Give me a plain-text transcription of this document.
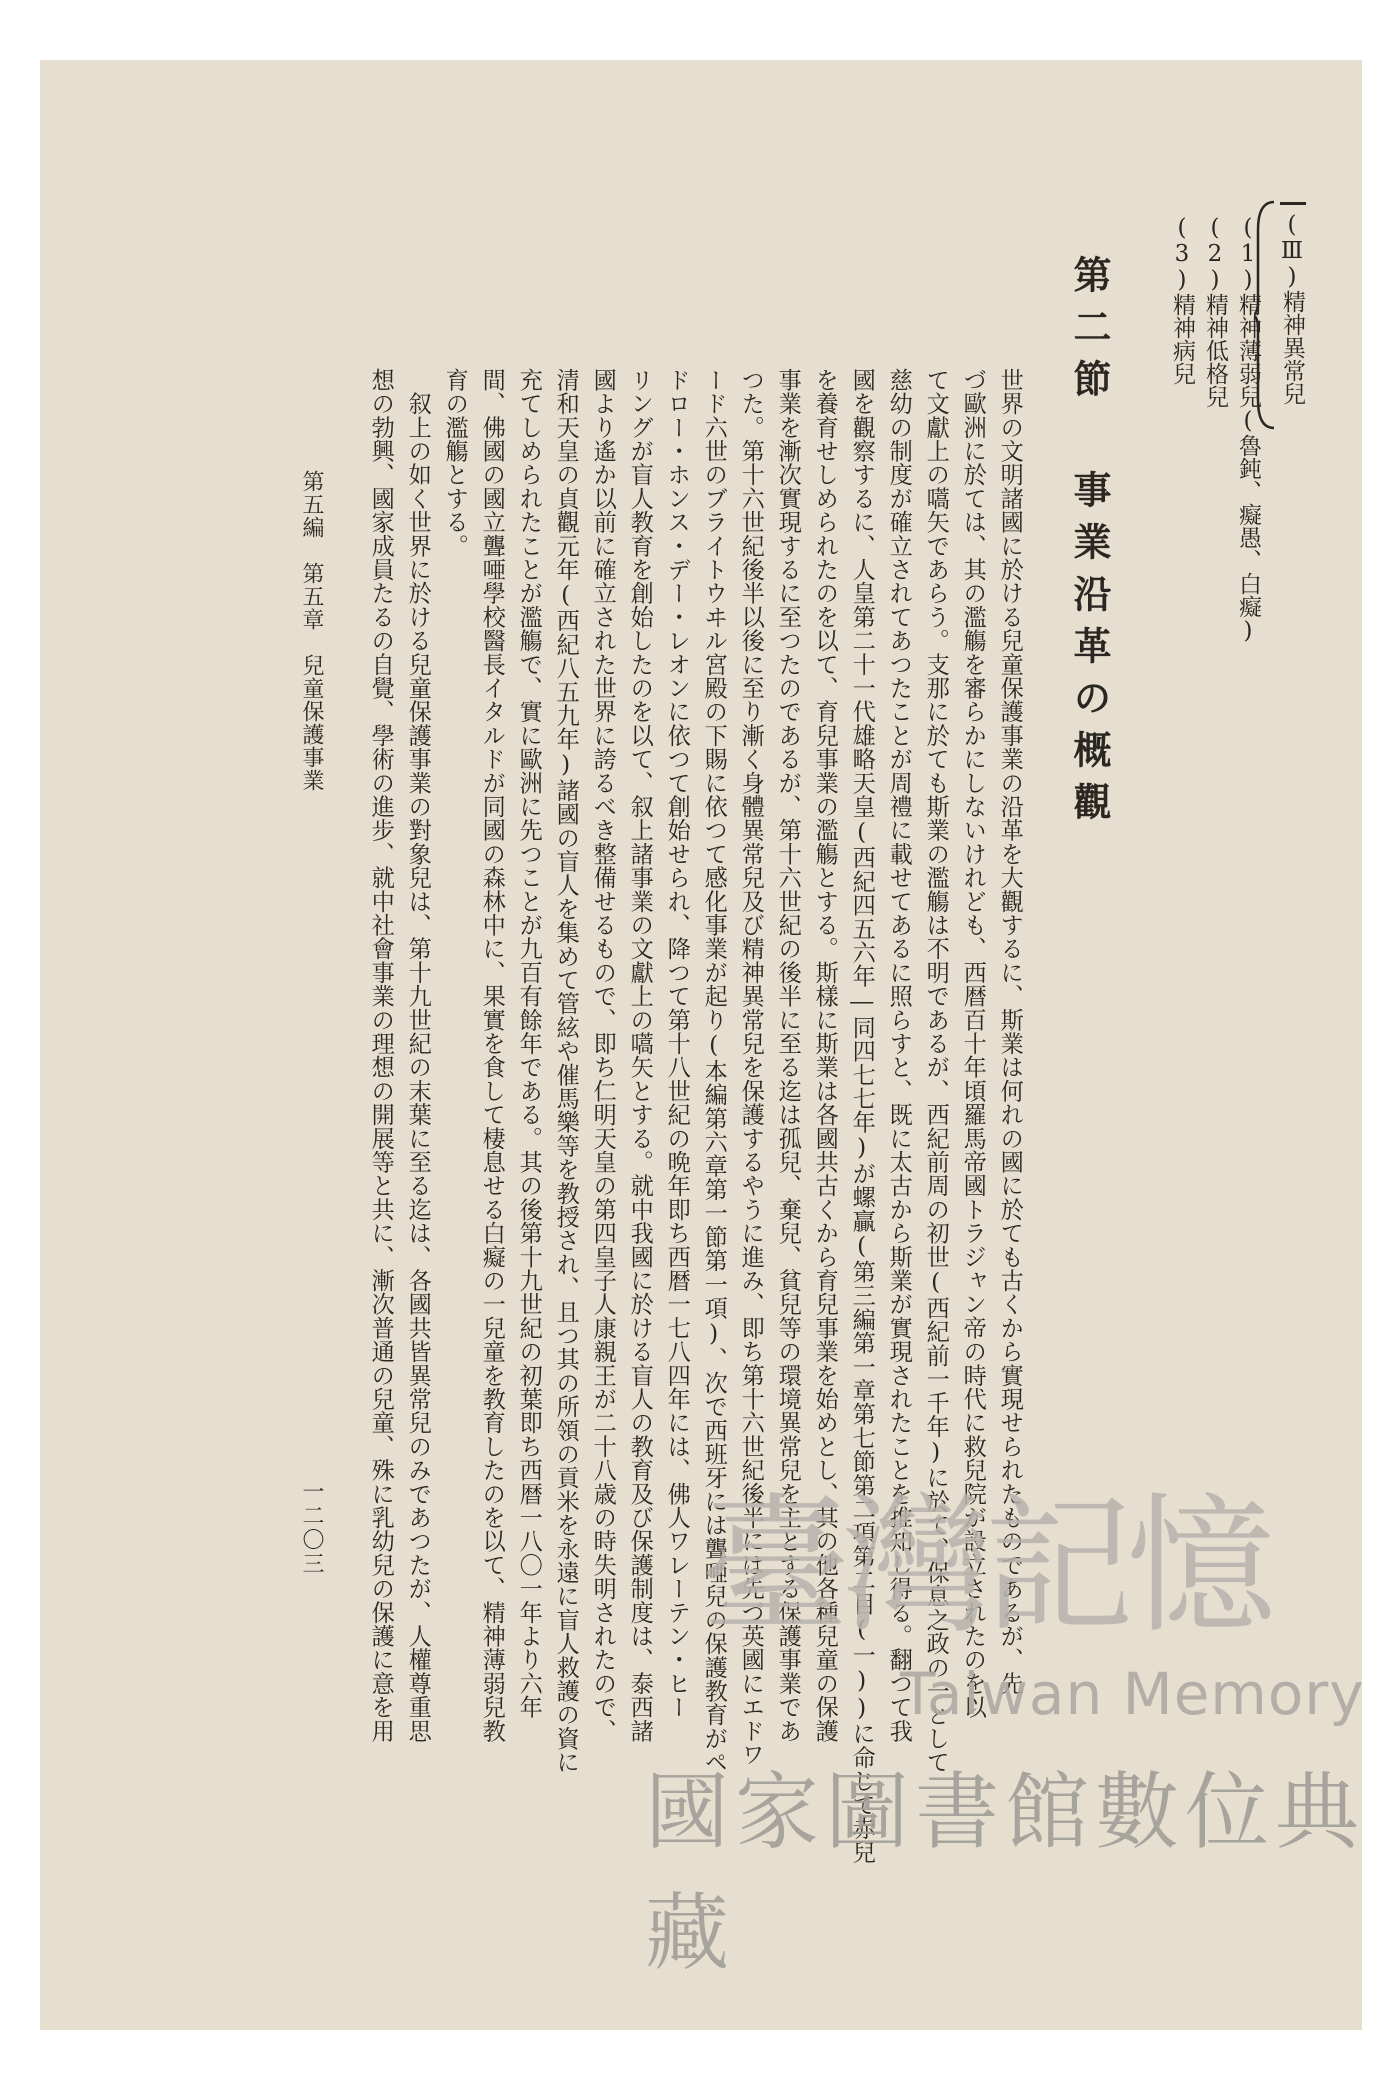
(Ⅲ)精神異常兒
(1)精神薄弱兒(魯鈍、癡愚、白癡)
(2)精神低格兒
(3)精神病兒
第二節 事業沿革の概觀
世界の文明諸國に於ける兒童保護事業の沿革を大觀するに、斯業は何れの國に於ても古くから實現せられたものであるが、先
づ歐洲に於ては、其の濫觴を審らかにしないけれども、西暦百十年頃羅馬帝國トラジャン帝の時代に救兒院が設立されたのを以
て文獻上の嚆矢であらう。支那に於ても斯業の濫觴は不明であるが、西紀前周の初世(西紀前一千年)に於て、保息之政の一として
慈幼の制度が確立されてあつたことが周禮に載せてあるに照らすと、既に太古から斯業が實現されたことを推知し得る。翻つて我
國を觀察するに、人皇第二十一代雄略天皇(西紀四五六年―同四七七年)が螺贏(第三編第一章第七節第二項第二目(一))に命じて赤兒
を養育せしめられたのを以て、育兒事業の濫觴とする。斯樣に斯業は各國共古くから育兒事業を始めとし、其の他各種兒童の保護
事業を漸次實現するに至つたのであるが、第十六世紀の後半に至る迄は孤兒、棄兒、貧兒等の環境異常兒を主とする保護事業であ
つた。第十六世紀後半以後に至り漸く身體異常兒及び精神異常兒を保護するやうに進み、即ち第十六世紀後半には先づ英國にエドワ
ード六世のブライトウヰル宮殿の下賜に依つて感化事業が起り(本編第六章第一節第一項)、次で西班牙には聾唖兒の保護教育がペ
ドロー・ホンス・デー・レオンに依つて創始せられ、降つて第十八世紀の晩年即ち西暦一七八四年には、佛人ワレーテン・ヒー
リングが盲人教育を創始したのを以て、叙上諸事業の文獻上の嚆矢とする。就中我國に於ける盲人の教育及び保護制度は、泰西諸
國より遙か以前に確立された世界に誇るべき整備せるもので、即ち仁明天皇の第四皇子人康親王が二十八歳の時失明されたので、
清和天皇の貞觀元年(西紀八五九年)諸國の盲人を集めて管絃や催馬樂等を教授され、且つ其の所領の貢米を永遠に盲人救護の資に
充てしめられたことが濫觴で、實に歐洲に先つことが九百有餘年である。其の後第十九世紀の初葉即ち西暦一八〇一年より六年
間、佛國の國立聾唖學校醫長イタルドが同國の森林中に、果實を食して棲息せる白癡の一兒童を教育したのを以て、精神薄弱兒教
育の濫觴とする。
　叙上の如く世界に於ける兒童保護事業の對象兒は、第十九世紀の末葉に至る迄は、各國共皆異常兒のみであつたが、人權尊重思
想の勃興、國家成員たるの自覺、學術の進步、就中社會事業の理想の開展等と共に、漸次普通の兒童、殊に乳幼兒の保護に意を用
第五編　第五章　兒童保護事業
一二〇三	臺灣記憶
Taiwan Memory
國家圖書館數位典藏
